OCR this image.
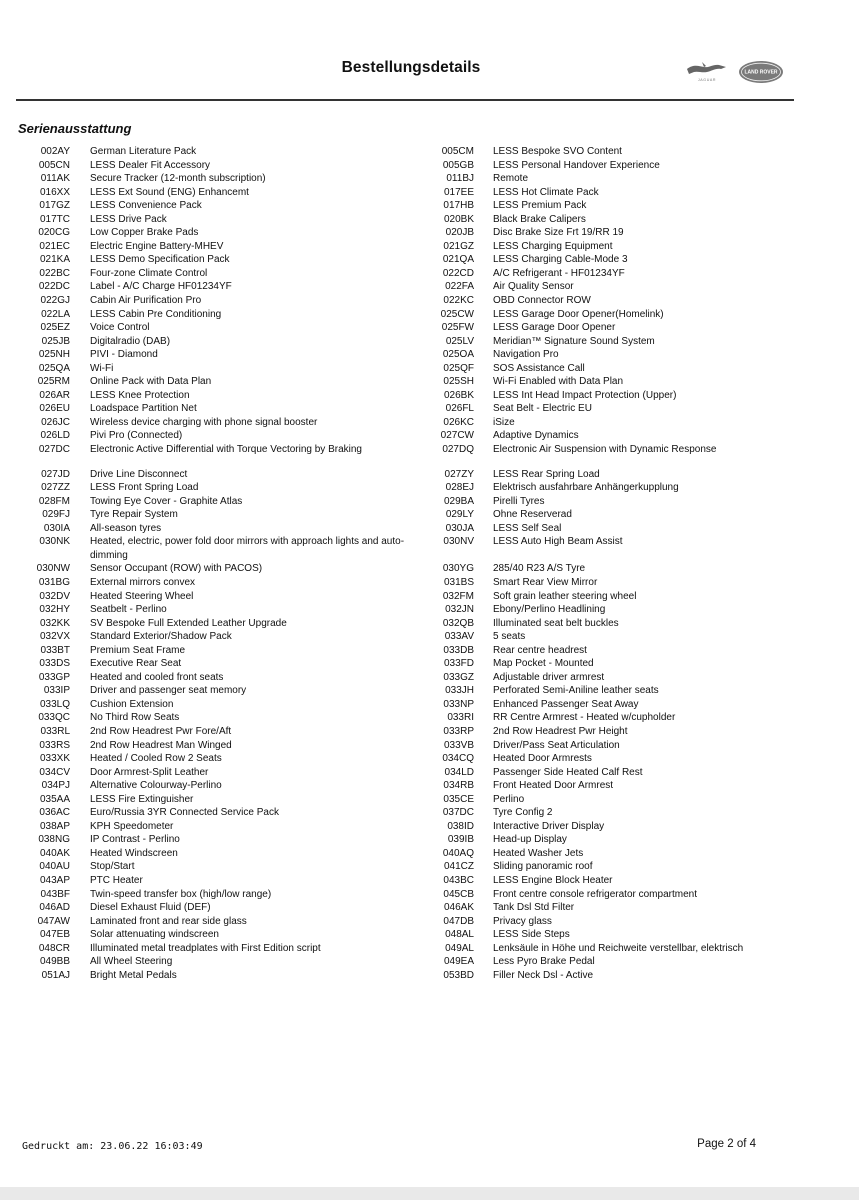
Bestellungsdetails
JAGUAR
LAND ROVER
Serienausstattung
002AY	German Literature Pack
005CN	LESS Dealer Fit Accessory
011AK	Secure Tracker (12-month subscription)
016XX	LESS Ext Sound (ENG) Enhancemt
017GZ	LESS Convenience Pack
017TC	LESS Drive Pack
020CG	Low Copper Brake Pads
021EC	Electric Engine Battery-MHEV
021KA	LESS Demo Specification Pack
022BC	Four-zone Climate Control
022DC	Label - A/C Charge HF01234YF
022GJ	Cabin Air Purification Pro
022LA	LESS Cabin Pre Conditioning
025EZ	Voice Control
025JB	Digitalradio (DAB)
025NH	PIVI - Diamond
025QA	Wi-Fi
025RM	Online Pack with Data Plan
026AR	LESS Knee Protection
026EU	Loadspace Partition Net
026JC	Wireless device charging with phone signal booster
026LD	Pivi Pro (Connected)
027DC	Electronic Active Differential with Torque Vectoring by Braking
027JD	Drive Line Disconnect
027ZZ	LESS Front Spring Load
028FM	Towing Eye Cover - Graphite Atlas
029FJ	Tyre Repair System
030IA	All-season tyres
030NK	Heated, electric, power fold door mirrors with approach lights and auto-dimming
030NW	Sensor Occupant (ROW) with PACOS)
031BG	External mirrors convex
032DV	Heated Steering Wheel
032HY	Seatbelt - Perlino
032KK	SV Bespoke Full Extended Leather Upgrade
032VX	Standard Exterior/Shadow Pack
033BT	Premium Seat Frame
033DS	Executive Rear Seat
033GP	Heated and cooled front seats
033IP	Driver and passenger seat memory
033LQ	Cushion Extension
033QC	No Third Row Seats
033RL	2nd Row Headrest Pwr Fore/Aft
033RS	2nd Row Headrest Man Winged
033XK	Heated / Cooled Row 2 Seats
034CV	Door Armrest-Split Leather
034PJ	Alternative Colourway-Perlino
035AA	LESS Fire Extinguisher
036AC	Euro/Russia 3YR Connected Service Pack
038AP	KPH Speedometer
038NG	IP Contrast - Perlino
040AK	Heated Windscreen
040AU	Stop/Start
043AP	PTC Heater
043BF	Twin-speed transfer box (high/low range)
046AD	Diesel Exhaust Fluid (DEF)
047AW	Laminated front and rear side glass
047EB	Solar attenuating windscreen
048CR	Illuminated metal treadplates with First Edition script
049BB	All Wheel Steering
051AJ	Bright Metal Pedals
005CM	LESS Bespoke SVO Content
005GB	LESS Personal Handover Experience
011BJ	Remote
017EE	LESS Hot Climate Pack
017HB	LESS Premium Pack
020BK	Black Brake Calipers
020JB	Disc Brake Size Frt 19/RR 19
021GZ	LESS Charging Equipment
021QA	LESS Charging Cable-Mode 3
022CD	A/C Refrigerant - HF01234YF
022FA	Air Quality Sensor
022KC	OBD Connector ROW
025CW	LESS Garage Door Opener(Homelink)
025FW	LESS Garage Door Opener
025LV	Meridian™ Signature Sound System
025OA	Navigation Pro
025QF	SOS Assistance Call
025SH	Wi-Fi Enabled with Data Plan
026BK	LESS Int Head Impact Protection (Upper)
026FL	Seat Belt - Electric EU
026KC	iSize
027CW	Adaptive Dynamics
027DQ	Electronic Air Suspension with Dynamic Response
027ZY	LESS Rear Spring Load
028EJ	Elektrisch ausfahrbare Anhängerkupplung
029BA	Pirelli Tyres
029LY	Ohne Reserverad
030JA	LESS Self Seal
030NV	LESS Auto High Beam Assist

030YG	285/40 R23 A/S Tyre
031BS	Smart Rear View Mirror
032FM	Soft grain leather steering wheel
032JN	Ebony/Perlino Headlining
032QB	Illuminated seat belt buckles
033AV	5 seats
033DB	Rear centre headrest
033FD	Map Pocket - Mounted
033GZ	Adjustable driver armrest
033JH	Perforated Semi-Aniline leather seats
033NP	Enhanced Passenger Seat Away
033RI	RR Centre Armrest - Heated w/cupholder
033RP	2nd Row Headrest Pwr Height
033VB	Driver/Pass Seat Articulation
034CQ	Heated Door Armrests
034LD	Passenger Side Heated Calf Rest
034RB	Front Heated Door Armrest
035CE	Perlino
037DC	Tyre Config 2
038ID	Interactive Driver Display
039IB	Head-up Display
040AQ	Heated Washer Jets
041CZ	Sliding panoramic roof
043BC	LESS Engine Block Heater
045CB	Front centre console refrigerator compartment
046AK	Tank Dsl Std Filter
047DB	Privacy glass
048AL	LESS Side Steps
049AL	Lenksäule in Höhe und Reichweite verstellbar, elektrisch
049EA	Less Pyro Brake Pedal
053BD	Filler Neck Dsl - Active
Gedruckt am: 23.06.22 16:03:49	Page 2 of 4
